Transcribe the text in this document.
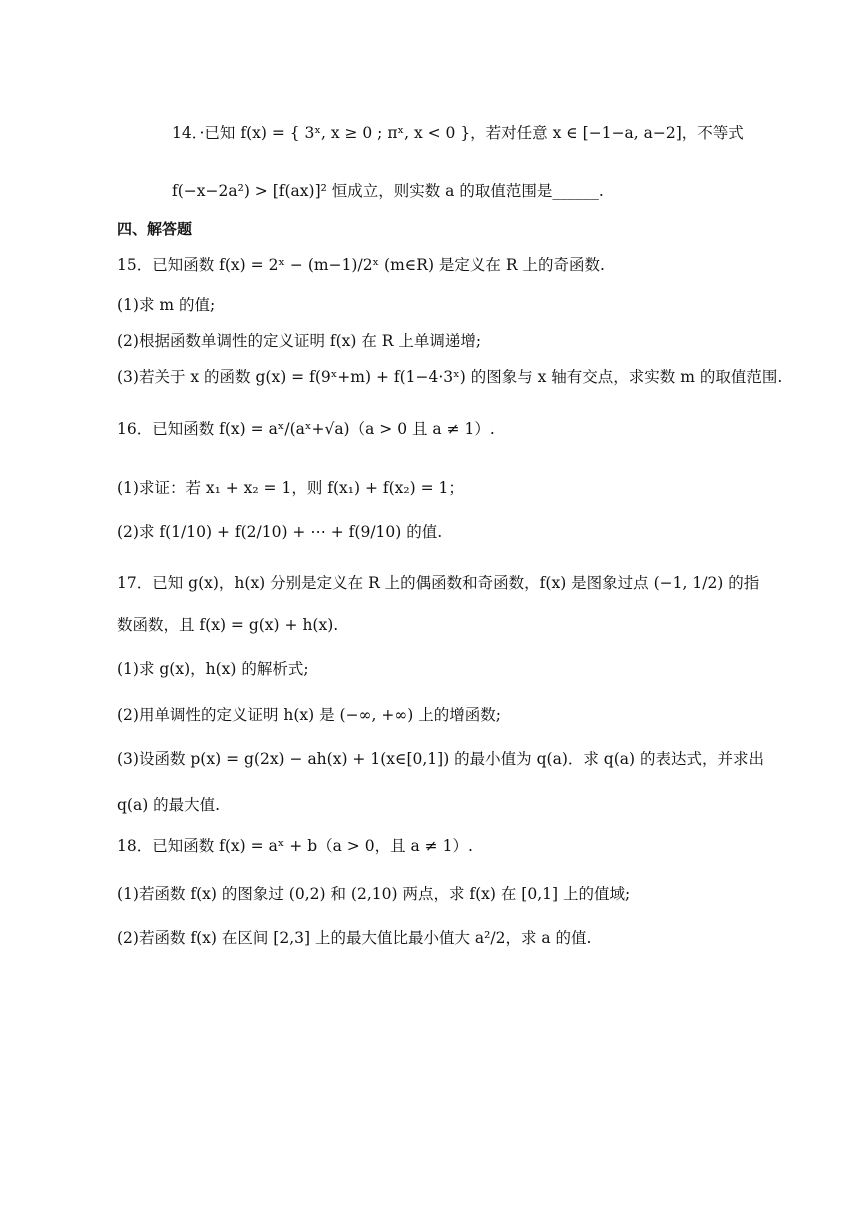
14．·已知 f(x) = { 3ˣ, x ≥ 0 ; πˣ, x < 0 }，若对任意 x ∈ [−1−a, a−2]，不等式
f(−x−2a²) > [f(ax)]² 恒成立，则实数 a 的取值范围是______.
四、解答题
15．已知函数 f(x) = 2ˣ − (m−1)/2ˣ (m∈R) 是定义在 R 上的奇函数.
(1)求 m 的值;
(2)根据函数单调性的定义证明 f(x) 在 R 上单调递增;
(3)若关于 x 的函数 g(x) = f(9ˣ+m) + f(1−4·3ˣ) 的图象与 x 轴有交点，求实数 m 的取值范围.
16．已知函数 f(x) = aˣ/(aˣ+√a)（a > 0 且 a ≠ 1）.
(1)求证：若 x₁ + x₂ = 1，则 f(x₁) + f(x₂) = 1；
(2)求 f(1/10) + f(2/10) + ⋯ + f(9/10) 的值.
17．已知 g(x)，h(x) 分别是定义在 R 上的偶函数和奇函数，f(x) 是图象过点 (−1, 1/2) 的指
数函数，且 f(x) = g(x) + h(x).
(1)求 g(x)，h(x) 的解析式;
(2)用单调性的定义证明 h(x) 是 (−∞, +∞) 上的增函数;
(3)设函数 p(x) = g(2x) − ah(x) + 1(x∈[0,1]) 的最小值为 q(a)．求 q(a) 的表达式，并求出
q(a) 的最大值.
18．已知函数 f(x) = aˣ + b（a > 0，且 a ≠ 1）.
(1)若函数 f(x) 的图象过 (0,2) 和 (2,10) 两点，求 f(x) 在 [0,1] 上的值域;
(2)若函数 f(x) 在区间 [2,3] 上的最大值比最小值大 a²/2，求 a 的值.
